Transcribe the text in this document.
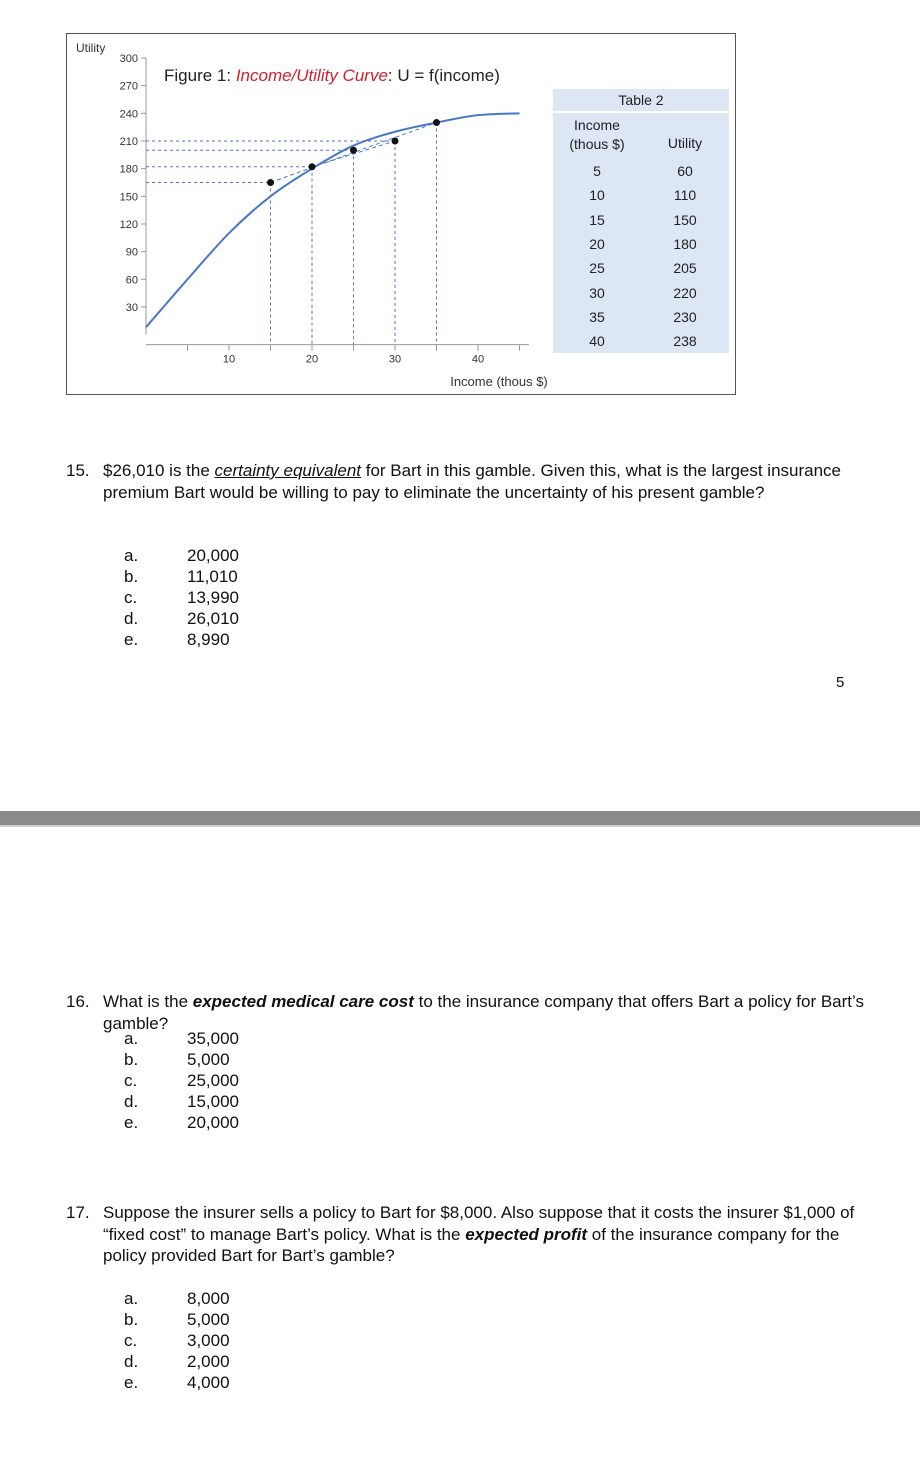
Utility
300
270
240
210
180
150
120
90
60
30
10	20	30	40
Income (thous $)
Figure 1: Income/Utility Curve: U = f(income)
Table 2
Income
(thous $)	Utility
5	60
10	110
15	150
20	180
25	205
30	220
35	230
40	238
15. $26,010 is the certainty equivalent for Bart in this gamble. Given this, what is the largest insurance premium Bart would be willing to pay to eliminate the uncertainty of his present gamble?
a.	20,000
b.	11,010
c.	13,990
d.	26,010
e.	8,990
5
16. What is the expected medical care cost to the insurance company that offers Bart a policy for Bart’s gamble?
a.	35,000
b.	5,000
c.	25,000
d.	15,000
e.	20,000
17. Suppose the insurer sells a policy to Bart for $8,000. Also suppose that it costs the insurer $1,000 of “fixed cost” to manage Bart’s policy. What is the expected profit of the insurance company for the policy provided Bart for Bart’s gamble?
a.	8,000
b.	5,000
c.	3,000
d.	2,000
e.	4,000
